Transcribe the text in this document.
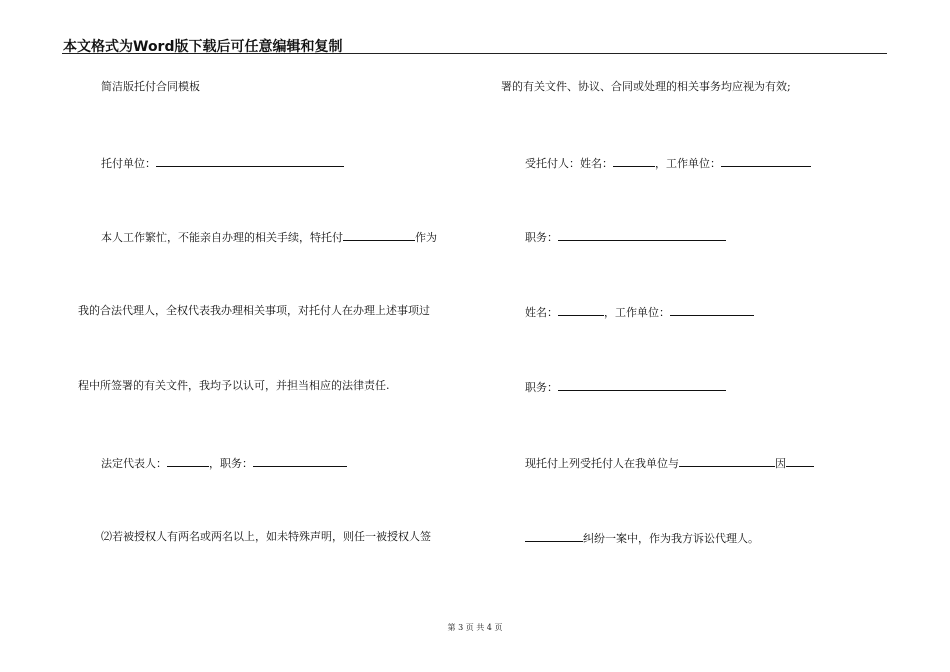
本文格式为Word版下载后可任意编辑和复制
简洁版托付合同模板
托付单位：
本人工作繁忙，不能亲自办理的相关手续，特托付	作为
我的合法代理人，全权代表我办理相关事项，对托付人在办理上述事项过
程中所签署的有关文件，我均予以认可，并担当相应的法律责任.
法定代表人：	，职务：
⑵若被授权人有两名或两名以上，如未特殊声明，则任一被授权人签
署的有关文件、协议、合同或处理的相关事务均应视为有效;
受托付人：姓名：	，工作单位：
职务：
姓名：	，工作单位：
职务：
现托付上列受托付人在我单位与	因
纠纷一案中，作为我方诉讼代理人。
第 3 页 共 4 页
